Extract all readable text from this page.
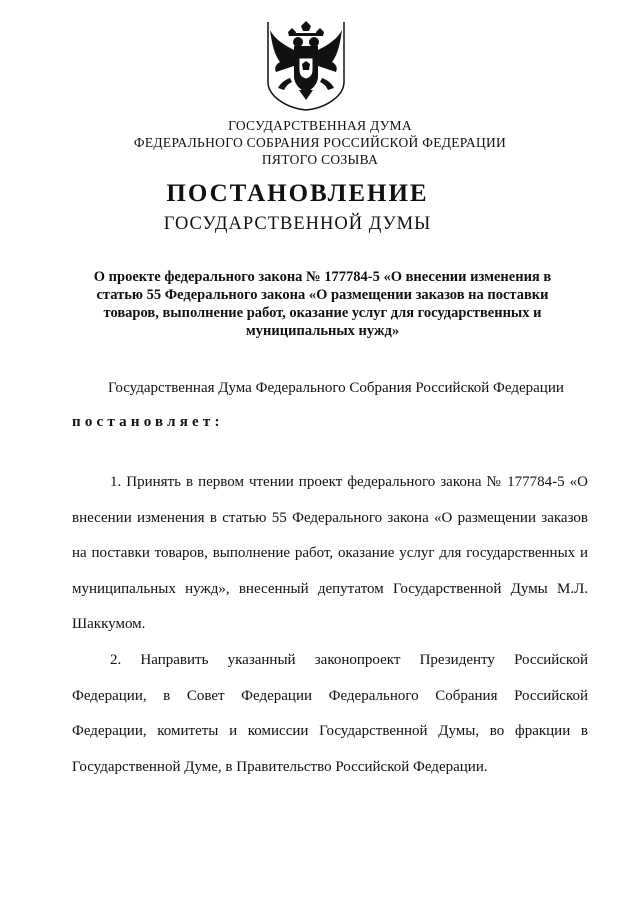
ГОСУДАРСТВЕННАЯ ДУМА
ФЕДЕРАЛЬНОГО СОБРАНИЯ РОССИЙСКОЙ ФЕДЕРАЦИИ
ПЯТОГО СОЗЫВА
ПОСТАНОВЛЕНИЕ
ГОСУДАРСТВЕННОЙ ДУМЫ
О проекте федерального закона № 177784-5 «О внесении изменения в статью 55 Федерального закона «О размещении заказов на поставки товаров, выполнение работ, оказание услуг для государственных и муниципальных нужд»
Государственная Дума Федерального Собрания Российской Федерации
постановляет:
1. Принять в первом чтении проект федерального закона № 177784-5 «О внесении изменения в статью 55 Федерального закона «О размещении заказов на поставки товаров, выполнение работ, оказание услуг для государственных и муниципальных нужд», внесенный депутатом Государственной Думы М.Л. Шаккумом.
2. Направить указанный законопроект Президенту Российской Федерации, в Совет Федерации Федерального Собрания Российской Федерации, комитеты и комиссии Государственной Думы, во фракции в Государственной Думе, в Правительство Российской Федерации.
